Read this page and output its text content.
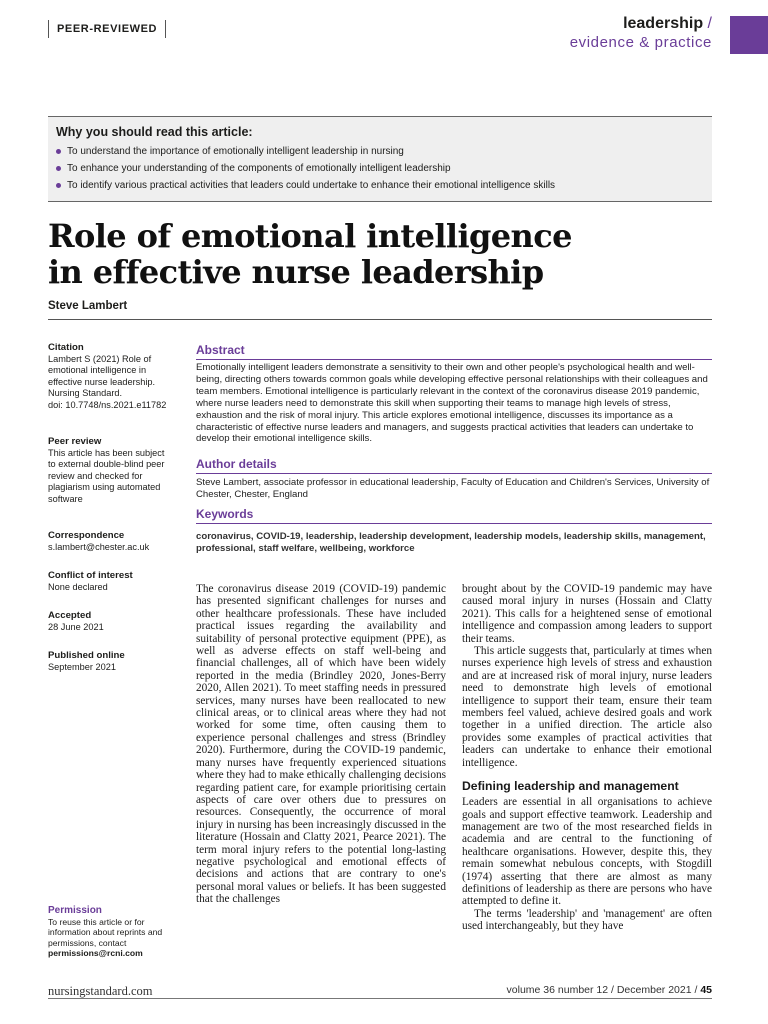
PEER-REVIEWED	leadership /
evidence & practice
Why you should read this article:
To understand the importance of emotionally intelligent leadership in nursing
To enhance your understanding of the components of emotionally intelligent leadership
To identify various practical activities that leaders could undertake to enhance their emotional intelligence skills
Role of emotional intelligence
in effective nurse leadership
Steve Lambert
Citation
Lambert S (2021) Role of emotional intelligence in effective nurse leadership. Nursing Standard.
doi: 10.7748/ns.2021.e11782
Peer review
This article has been subject to external double-blind peer review and checked for plagiarism using automated software
Correspondence
s.lambert@chester.ac.uk
Conflict of interest
None declared
Accepted
28 June 2021
Published online
September 2021
Permission
To reuse this article or for information about reprints and permissions, contact
permissions@rcni.com
Abstract
Emotionally intelligent leaders demonstrate a sensitivity to their own and other people's psychological health and well-being, directing others towards common goals while developing effective personal relationships with their colleagues and team members. Emotional intelligence is particularly relevant in the context of the coronavirus disease 2019 pandemic, where nurse leaders need to demonstrate this skill when supporting their teams to manage high levels of stress, exhaustion and the risk of moral injury. This article explores emotional intelligence, discusses its importance as a characteristic of effective nurse leaders and managers, and suggests practical activities that leaders can undertake to develop their emotional intelligence skills.
Author details
Steve Lambert, associate professor in educational leadership, Faculty of Education and Children's Services, University of Chester, Chester, England
Keywords
coronavirus, COVID-19, leadership, leadership development, leadership models, leadership skills, management, professional, staff welfare, wellbeing, workforce

The coronavirus disease 2019 (COVID-19) pandemic has presented significant challenges for nurses and other healthcare professionals. These have included practical issues regarding the availability and suitability of personal protective equipment (PPE), as well as adverse effects on staff well-being and financial challenges, all of which have been widely reported in the media (Brindley 2020, Jones-Berry 2020, Allen 2021). To meet staffing needs in pressured services, many nurses have been reallocated to new clinical areas, or to clinical areas where they had not worked for some time, often causing them to experience personal challenges and stress (Brindley 2020). Furthermore, during the COVID-19 pandemic, many nurses have frequently experienced situations where they had to make ethically challenging decisions regarding patient care, for example prioritising certain aspects of care over others due to pressures on resources. Consequently, the occurrence of moral injury in nursing has been increasingly discussed in the literature (Hossain and Clatty 2021, Pearce 2021). The term moral injury refers to the potential long-lasting negative psychological and emotional effects of decisions and actions that are contrary to one's personal moral values or beliefs. It has been suggested that the challenges

brought about by the COVID-19 pandemic may have caused moral injury in nurses (Hossain and Clatty 2021). This calls for a heightened sense of emotional intelligence and compassion among leaders to support their teams.

This article suggests that, particularly at times when nurses experience high levels of stress and exhaustion and are at increased risk of moral injury, nurse leaders need to demonstrate high levels of emotional intelligence to support their team, ensure their team members feel valued, achieve desired goals and work together in a unified direction. The article also provides some examples of practical activities that leaders can undertake to enhance their emotional intelligence.

Defining leadership and management

Leaders are essential in all organisations to achieve goals and support effective teamwork. Leadership and management are two of the most researched fields in academia and are central to the functioning of healthcare organisations. However, despite this, they remain somewhat nebulous concepts, with Stogdill (1974) asserting that there are almost as many definitions of leadership as there are persons who have attempted to define it.

The terms 'leadership' and 'management' are often used interchangeably, but they have

nursingstandard.com	volume 36 number 12 / December 2021 / 45
